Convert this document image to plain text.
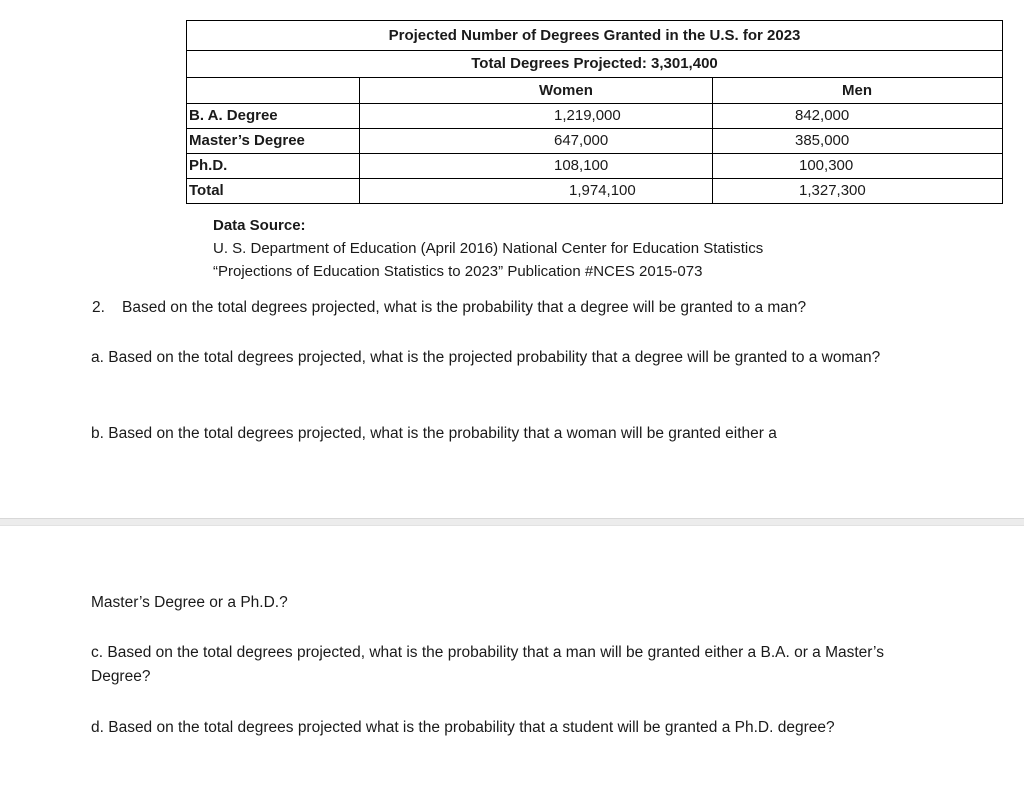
Projected Number of Degrees Granted in the U.S. for 2023		
Total Degrees Projected: 3,301,400		
	Women	Men
B. A. Degree	1,219,000	842,000
Master’s Degree	647,000	385,000
Ph.D.	108,100	100,300
Total	1,974,100	1,327,300
Data Source:
U. S. Department of Education (April 2016) National Center for Education Statistics
“Projections of Education Statistics to 2023” Publication #NCES 2015-073
2. Based on the total degrees projected, what is the probability that a degree will be granted to a man?
a. Based on the total degrees projected, what is the projected probability that a degree will be granted to a woman?
b. Based on the total degrees projected, what is the probability that a woman will be granted either a
Master’s Degree or a Ph.D.?
c. Based on the total degrees projected, what is the probability that a man will be granted either a B.A. or a Master’s Degree?
d. Based on the total degrees projected what is the probability that a student will be granted a Ph.D. degree?
